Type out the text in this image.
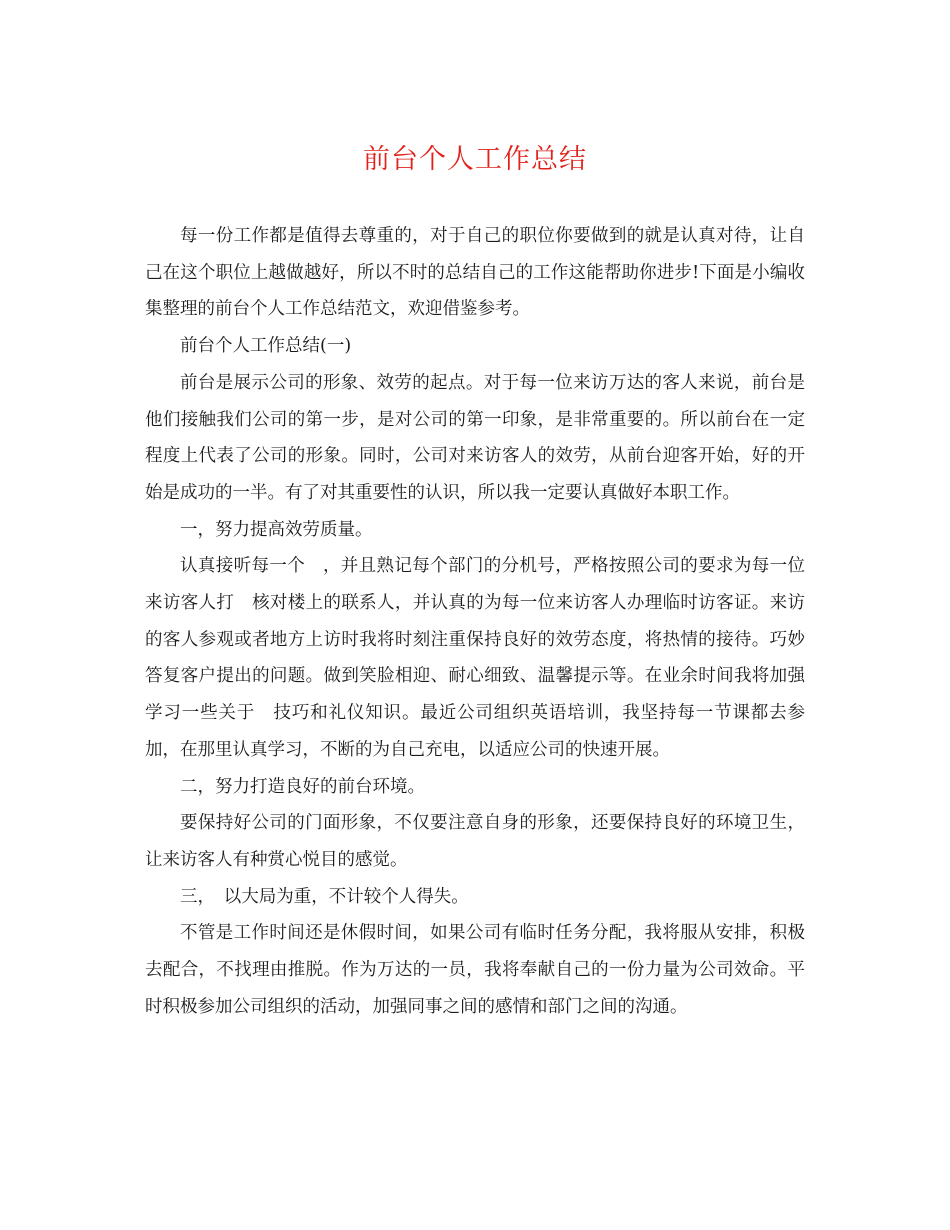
前台个人工作总结

每一份工作都是值得去尊重的，对于自己的职位你要做到的就是认真对待，让自己在这个职位上越做越好，所以不时的总结自己的工作这能帮助你进步!下面是小编收集整理的前台个人工作总结范文，欢迎借鉴参考。

前台个人工作总结(一)

前台是展示公司的形象、效劳的起点。对于每一位来访万达的客人来说，前台是他们接触我们公司的第一步，是对公司的第一印象，是非常重要的。所以前台在一定程度上代表了公司的形象。同时，公司对来访客人的效劳，从前台迎客开始，好的开始是成功的一半。有了对其重要性的认识，所以我一定要认真做好本职工作。

一，努力提高效劳质量。

认真接听每一个　，并且熟记每个部门的分机号，严格按照公司的要求为每一位来访客人打　核对楼上的联系人，并认真的为每一位来访客人办理临时访客证。来访的客人参观或者地方上访时我将时刻注重保持良好的效劳态度，将热情的接待。巧妙答复客户提出的问题。做到笑脸相迎、耐心细致、温馨提示等。在业余时间我将加强学习一些关于　技巧和礼仪知识。最近公司组织英语培训，我坚持每一节课都去参加，在那里认真学习，不断的为自己充电，以适应公司的快速开展。

二，努力打造良好的前台环境。

要保持好公司的门面形象，不仅要注意自身的形象，还要保持良好的环境卫生，让来访客人有种赏心悦目的感觉。

三，　以大局为重，不计较个人得失。

不管是工作时间还是休假时间，如果公司有临时任务分配，我将服从安排，积极去配合，不找理由推脱。作为万达的一员，我将奉献自己的一份力量为公司效命。平时积极参加公司组织的活动，加强同事之间的感情和部门之间的沟通。
